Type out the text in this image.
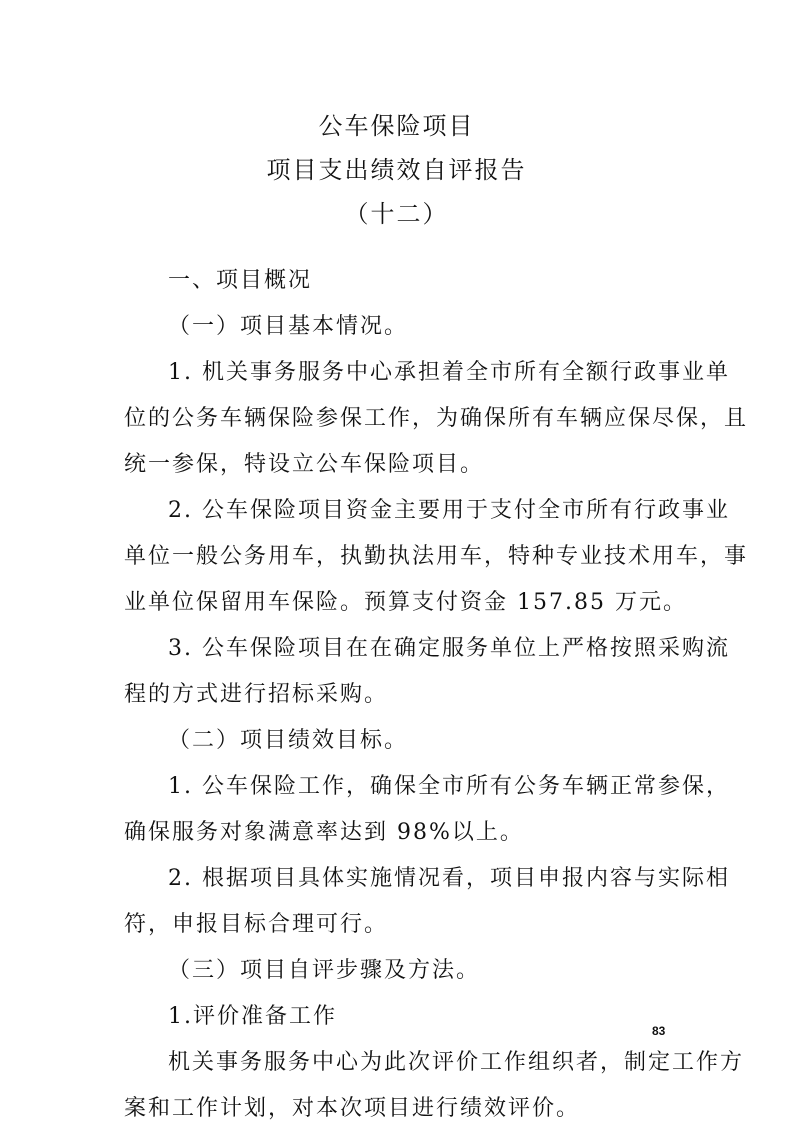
公车保险项目
项目支出绩效自评报告
（十二）
一、项目概况
（一）项目基本情况。
1. 机关事务服务中心承担着全市所有全额行政事业单
位的公务车辆保险参保工作，为确保所有车辆应保尽保，且
统一参保，特设立公车保险项目。
2. 公车保险项目资金主要用于支付全市所有行政事业
单位一般公务用车，执勤执法用车，特种专业技术用车，事
业单位保留用车保险。预算支付资金 157.85 万元。
3. 公车保险项目在在确定服务单位上严格按照采购流
程的方式进行招标采购。
（二）项目绩效目标。
1. 公车保险工作，确保全市所有公务车辆正常参保，
确保服务对象满意率达到 98%以上。
2. 根据项目具体实施情况看，项目申报内容与实际相
符，申报目标合理可行。
（三）项目自评步骤及方法。
1.评价准备工作
机关事务服务中心为此次评价工作组织者，制定工作方
案和工作计划，对本次项目进行绩效评价。
83
